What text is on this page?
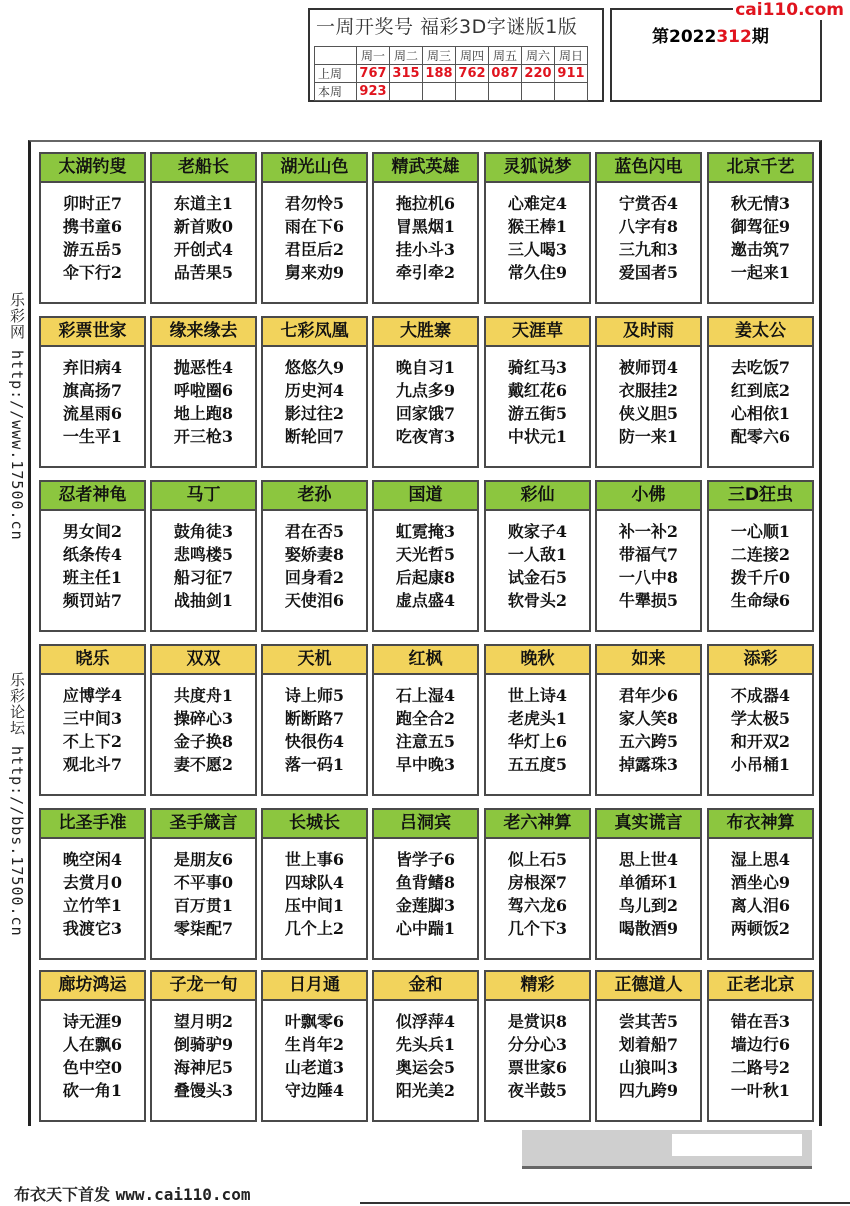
一周开奖号 福彩3D字谜版1版
	周一	周二	周三	周四	周五	周六	周日
上周	767	315	188	762	087	220	911
本周	923						
第2022312期
cai110.com
乐彩网 http://www.17500.cn
乐彩论坛 http://bbs.17500.cn
太湖钓叟
卯时正7
携书童6
游五岳5
伞下行2
老船长
东道主1
新首败0
开创式4
品苦果5
湖光山色
君勿怜5
雨在下6
君臣后2
舅来劝9
精武英雄
拖拉机6
冒黑烟1
挂小斗3
牵引牵2
灵狐说梦
心难定4
猴王棒1
三人喝3
常久住9
蓝色闪电
宁赏否4
八字有8
三九和3
爱国者5
北京千艺
秋无情3
御驾征9
邀击筑7
一起来1
彩票世家
弃旧病4
旗高扬7
流星雨6
一生平1
缘来缘去
抛恶性4
呼啦圈6
地上跑8
开三枪3
七彩凤凰
悠悠久9
历史河4
影过往2
断轮回7
大胜寨
晚自习1
九点多9
回家饿7
吃夜宵3
天涯草
骑红马3
戴红花6
游五街5
中状元1
及时雨
被师罚4
衣服挂2
侠义胆5
防一来1
姜太公
去吃饭7
红到底2
心相依1
配零六6
忍者神龟
男女间2
纸条传4
班主任1
频罚站7
马丁
鼓角徒3
悲鸣楼5
船习征7
战抽剑1
老孙
君在否5
娶娇妻8
回身看2
天使泪6
国道
虹霓掩3
天光哲5
后起康8
虚点盛4
彩仙
败家子4
一人敌1
试金石5
软骨头2
小佛
补一补2
带福气7
一八中8
牛犟损5
三D狂虫
一心顺1
二连接2
拨千斤0
生命绿6
晓乐
应博学4
三中间3
不上下2
观北斗7
双双
共度舟1
操碎心3
金子换8
妻不愿2
天机
诗上师5
断断路7
快很伤4
落一码1
红枫
石上湿4
跑全合2
注意五5
早中晚3
晚秋
世上诗4
老虎头1
华灯上6
五五度5
如来
君年少6
家人笑8
五六跨5
掉露珠3
添彩
不成器4
学太极5
和开双2
小吊桶1
比圣手准
晚空闲4
去赏月0
立竹竿1
我渡它3
圣手箴言
是朋友6
不平事0
百万贯1
零柒配7
长城长
世上事6
四球队4
压中间1
几个上2
吕洞宾
皆学子6
鱼背鳍8
金莲脚3
心中踹1
老六神算
似上石5
房根深7
驾六龙6
几个下3
真实谎言
思上世4
单循环1
鸟儿到2
喝散酒9
布衣神算
湿上思4
酒坐心9
离人泪6
两顿饭2
廊坊鸿运
诗无涯9
人在飘6
色中空0
砍一角1
子龙一旬
望月明2
倒骑驴9
海神尼5
叠馒头3
日月通
叶飘零6
生肖年2
山老道3
守边陲4
金和
似浮萍4
先头兵1
奥运会5
阳光美2
精彩
是赏识8
分分心3
票世家6
夜半鼓5
正德道人
尝其苦5
划着船7
山狼叫3
四九跨9
正老北京
错在吾3
墙边行6
二路号2
一叶秋1
布衣天下首发 www.cai110.com
